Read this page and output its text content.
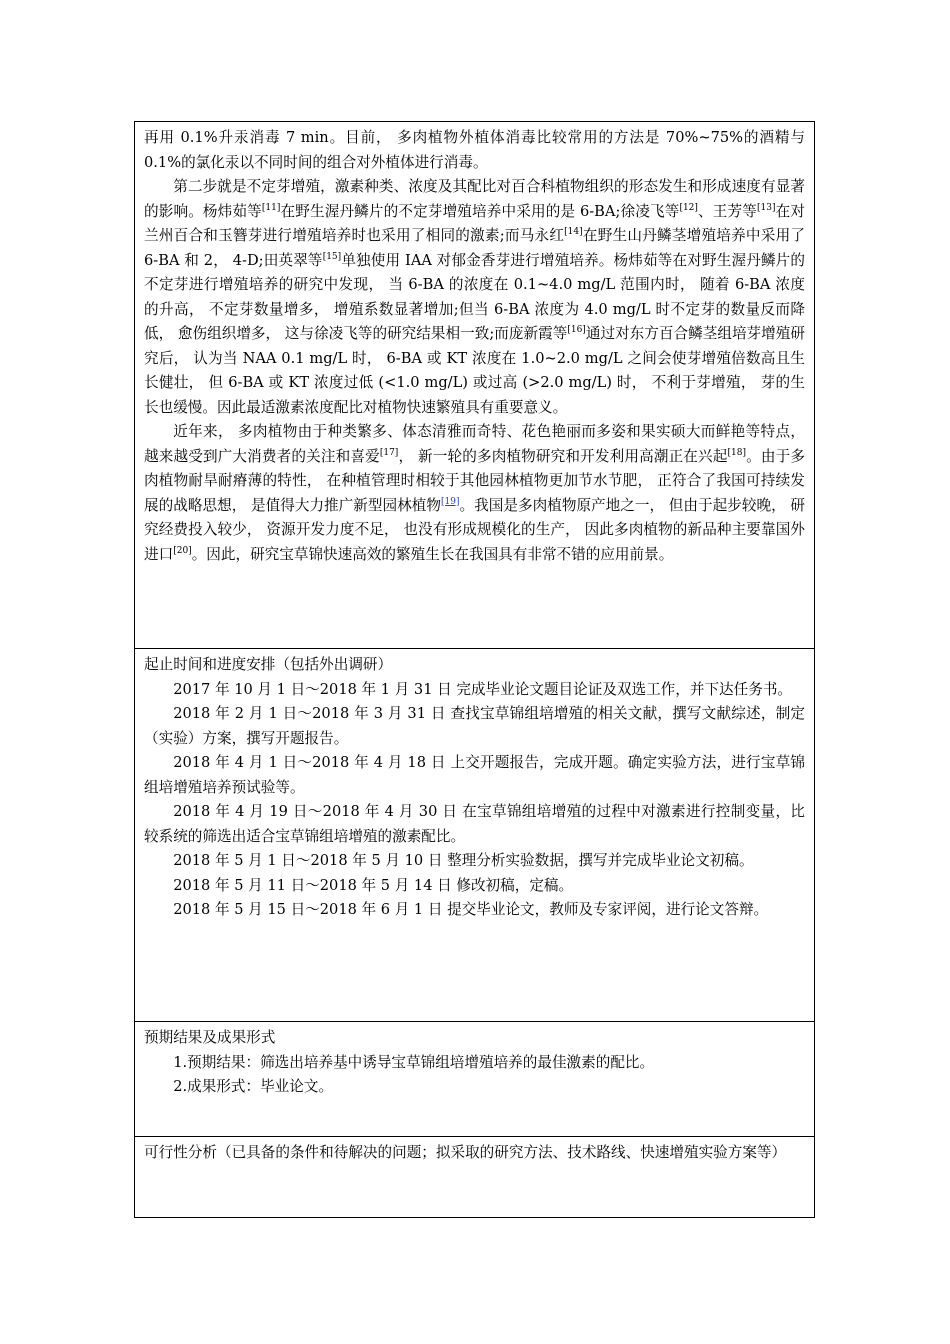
再用 0.1%升汞消毒 7 min。目前， 多肉植物外植体消毒比较常用的方法是 70%~75%的酒精与 0.1%的氯化汞以不同时间的组合对外植体进行消毒。

第二步就是不定芽增殖，激素种类、浓度及其配比对百合科植物组织的形态发生和形成速度有显著的影响。杨炜茹等[11]在野生渥丹鳞片的不定芽增殖培养中采用的是 6-BA;徐凌飞等[12]、王芳等[13]在对兰州百合和玉簪芽进行增殖培养时也采用了相同的激素;而马永红[14]在野生山丹鳞茎增殖培养中采用了 6-BA 和 2， 4-D;田英翠等[15]单独使用 IAA 对郁金香芽进行增殖培养。杨炜茹等在对野生渥丹鳞片的不定芽进行增殖培养的研究中发现， 当 6-BA 的浓度在 0.1~4.0 mg/L 范围内时， 随着 6-BA 浓度的升高， 不定芽数量增多， 增殖系数显著增加;但当 6-BA 浓度为 4.0 mg/L 时不定芽的数量反而降低， 愈伤组织增多， 这与徐凌飞等的研究结果相一致;而庞新霞等[16]通过对东方百合鳞茎组培芽增殖研究后， 认为当 NAA 0.1 mg/L 时， 6-BA 或 KT 浓度在 1.0~2.0 mg/L 之间会使芽增殖倍数高且生长健壮， 但 6-BA 或 KT 浓度过低 (<1.0 mg/L) 或过高 (>2.0 mg/L) 时， 不利于芽增殖， 芽的生长也缓慢。因此最适激素浓度配比对植物快速繁殖具有重要意义。

近年来， 多肉植物由于种类繁多、体态清雅而奇特、花色艳丽而多姿和果实硕大而鲜艳等特点， 越来越受到广大消费者的关注和喜爱[17]， 新一轮的多肉植物研究和开发利用高潮正在兴起[18]。由于多肉植物耐旱耐瘠薄的特性， 在种植管理时相较于其他园林植物更加节水节肥， 正符合了我国可持续发展的战略思想， 是值得大力推广新型园林植物[19]。我国是多肉植物原产地之一， 但由于起步较晚， 研究经费投入较少， 资源开发力度不足， 也没有形成规模化的生产， 因此多肉植物的新品种主要靠国外进口[20]。因此，研究宝草锦快速高效的繁殖生长在我国具有非常不错的应用前景。

起止时间和进度安排（包括外出调研）

2017 年 10 月 1 日～2018 年 1 月 31 日 完成毕业论文题目论证及双选工作，并下达任务书。

2018 年 2 月 1 日～2018 年 3 月 31 日 查找宝草锦组培增殖的相关文献，撰写文献综述，制定（实验）方案，撰写开题报告。

2018 年 4 月 1 日～2018 年 4 月 18 日 上交开题报告，完成开题。确定实验方法，进行宝草锦组培增殖培养预试验等。

2018 年 4 月 19 日～2018 年 4 月 30 日 在宝草锦组培增殖的过程中对激素进行控制变量，比较系统的筛选出适合宝草锦组培增殖的激素配比。

2018 年 5 月 1 日～2018 年 5 月 10 日 整理分析实验数据，撰写并完成毕业论文初稿。

2018 年 5 月 11 日～2018 年 5 月 14 日 修改初稿，定稿。

2018 年 5 月 15 日～2018 年 6 月 1 日 提交毕业论文，教师及专家评阅，进行论文答辩。

预期结果及成果形式

1.预期结果：筛选出培养基中诱导宝草锦组培增殖培养的最佳激素的配比。

2.成果形式：毕业论文。

可行性分析（已具备的条件和待解决的问题；拟采取的研究方法、技术路线、快速增殖实验方案等）
